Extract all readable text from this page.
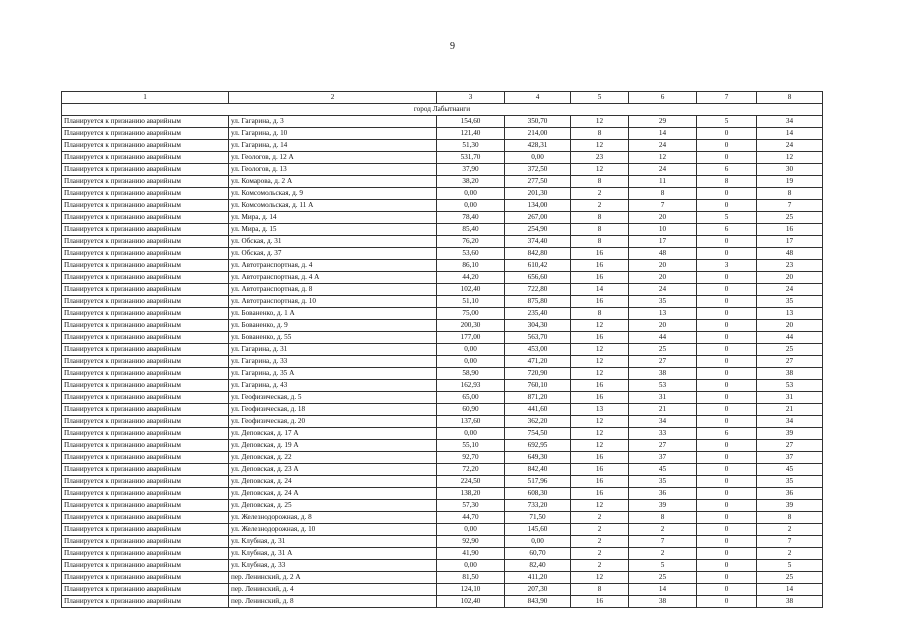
9
1	2	3	4	5	6	7	8
город Лабытнанги							
Планируется к признанию аварийным	ул. Гагарина, д. 3	154,60	350,70	12	29	5	34
Планируется к признанию аварийным	ул. Гагарина, д. 10	121,40	214,00	8	14	0	14
Планируется к признанию аварийным	ул. Гагарина, д. 14	51,30	428,31	12	24	0	24
Планируется к признанию аварийным	ул. Геологов, д. 12 А	531,70	0,00	23	12	0	12
Планируется к признанию аварийным	ул. Геологов, д. 13	37,90	372,50	12	24	6	30
Планируется к признанию аварийным	ул. Комарова, д. 2 А	38,20	277,50	8	11	8	19
Планируется к признанию аварийным	ул. Комсомольская, д. 9	0,00	201,30	2	8	0	8
Планируется к признанию аварийным	ул. Комсомольская, д. 11 А	0,00	134,00	2	7	0	7
Планируется к признанию аварийным	ул. Мира, д. 14	78,40	267,00	8	20	5	25
Планируется к признанию аварийным	ул. Мира, д. 15	85,40	254,90	8	10	6	16
Планируется к признанию аварийным	ул. Обская, д. 31	76,20	374,40	8	17	0	17
Планируется к признанию аварийным	ул. Обская, д. 37	53,60	842,80	16	48	0	48
Планируется к признанию аварийным	ул. Автотранспортная, д. 4	86,10	610,42	16	20	3	23
Планируется к признанию аварийным	ул. Автотранспортная, д. 4 А	44,20	656,60	16	20	0	20
Планируется к признанию аварийным	ул. Автотранспортная, д. 8	102,40	722,80	14	24	0	24
Планируется к признанию аварийным	ул. Автотранспортная, д. 10	51,10	875,80	16	35	0	35
Планируется к признанию аварийным	ул. Бованенко, д. 1 А	75,00	235,40	8	13	0	13
Планируется к признанию аварийным	ул. Бованенко, д. 9	200,30	304,30	12	20	0	20
Планируется к признанию аварийным	ул. Бованенко, д. 55	177,00	563,70	16	44	0	44
Планируется к признанию аварийным	ул. Гагарина, д. 31	0,00	453,00	12	25	0	25
Планируется к признанию аварийным	ул. Гагарина, д. 33	0,00	471,20	12	27	0	27
Планируется к признанию аварийным	ул. Гагарина, д. 35 А	58,90	720,90	12	38	0	38
Планируется к признанию аварийным	ул. Гагарина, д. 43	162,93	760,10	16	53	0	53
Планируется к признанию аварийным	ул. Геофизическая, д. 5	65,00	871,20	16	31	0	31
Планируется к признанию аварийным	ул. Геофизическая, д. 18	60,90	441,60	13	21	0	21
Планируется к признанию аварийным	ул. Геофизическая, д. 20	137,60	362,20	12	34	0	34
Планируется к признанию аварийным	ул. Деповская, д. 17 А	0,00	754,50	12	33	6	39
Планируется к признанию аварийным	ул. Деповская, д. 19 А	55,10	692,95	12	27	0	27
Планируется к признанию аварийным	ул. Деповская, д. 22	92,70	649,30	16	37	0	37
Планируется к признанию аварийным	ул. Деповская, д. 23 А	72,20	842,40	16	45	0	45
Планируется к признанию аварийным	ул. Деповская, д. 24	224,50	517,96	16	35	0	35
Планируется к признанию аварийным	ул. Деповская, д. 24 А	138,20	608,30	16	36	0	36
Планируется к признанию аварийным	ул. Деповская, д. 25	57,30	733,20	12	39	0	39
Планируется к признанию аварийным	ул. Железнодорожная, д. 8	44,70	71,50	2	8	0	8
Планируется к признанию аварийным	ул. Железнодорожная, д. 10	0,00	145,60	2	2	0	2
Планируется к признанию аварийным	ул. Клубная, д. 31	92,90	0,00	2	7	0	7
Планируется к признанию аварийным	ул. Клубная, д. 31 А	41,90	60,70	2	2	0	2
Планируется к признанию аварийным	ул. Клубная, д. 33	0,00	82,40	2	5	0	5
Планируется к признанию аварийным	пер. Ленинский, д. 2 А	81,50	411,20	12	25	0	25
Планируется к признанию аварийным	пер. Ленинский, д. 4	124,10	207,30	8	14	0	14
Планируется к признанию аварийным	пер. Ленинский, д. 8	102,40	843,90	16	38	0	38
